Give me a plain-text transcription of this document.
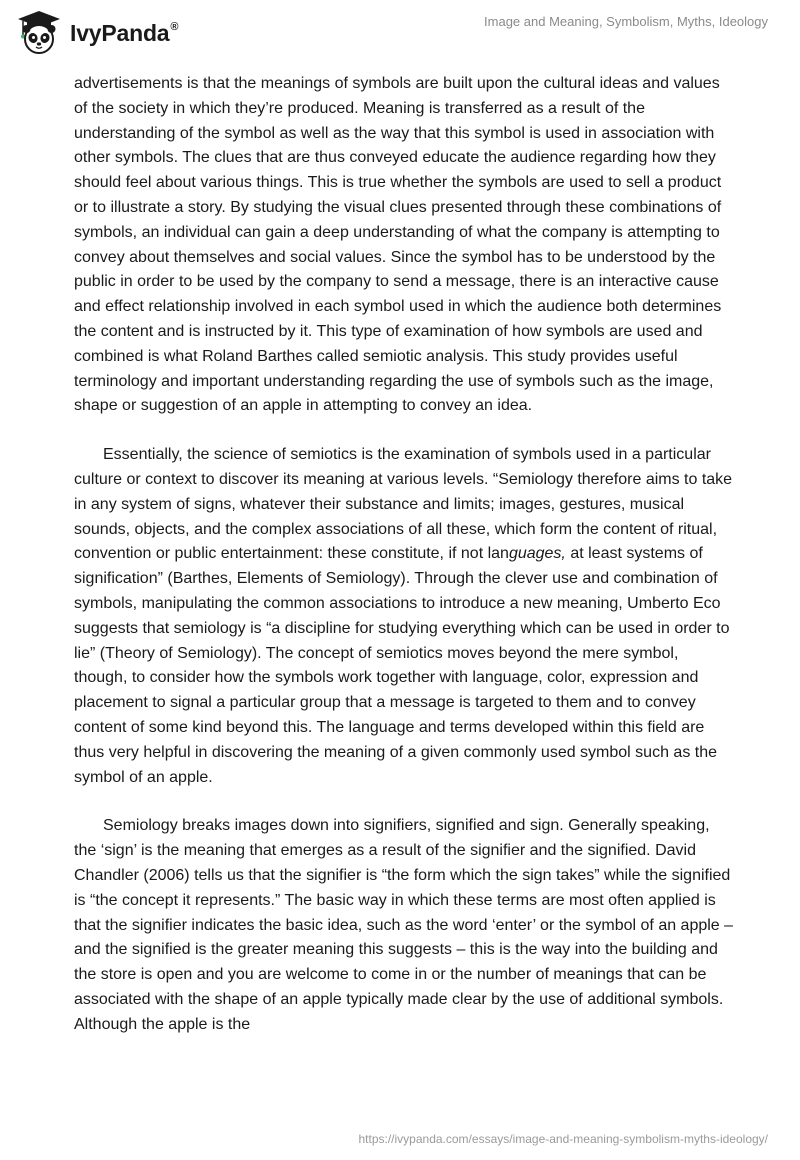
IvyPanda®	Image and Meaning, Symbolism, Myths, Ideology

advertisements is that the meanings of symbols are built upon the cultural ideas and values of the society in which they’re produced. Meaning is transferred as a result of the understanding of the symbol as well as the way that this symbol is used in association with other symbols. The clues that are thus conveyed educate the audience regarding how they should feel about various things. This is true whether the symbols are used to sell a product or to illustrate a story. By studying the visual clues presented through these combinations of symbols, an individual can gain a deep understanding of what the company is attempting to convey about themselves and social values. Since the symbol has to be understood by the public in order to be used by the company to send a message, there is an interactive cause and effect relationship involved in each symbol used in which the audience both determines the content and is instructed by it. This type of examination of how symbols are used and combined is what Roland Barthes called semiotic analysis. This study provides useful terminology and important understanding regarding the use of symbols such as the image, shape or suggestion of an apple in attempting to convey an idea.

Essentially, the science of semiotics is the examination of symbols used in a particular culture or context to discover its meaning at various levels. “Semiology therefore aims to take in any system of signs, whatever their substance and limits; images, gestures, musical sounds, objects, and the complex associations of all these, which form the content of ritual, convention or public entertainment: these constitute, if not languages, at least systems of signification” (Barthes, Elements of Semiology). Through the clever use and combination of symbols, manipulating the common associations to introduce a new meaning, Umberto Eco suggests that semiology is “a discipline for studying everything which can be used in order to lie” (Theory of Semiology). The concept of semiotics moves beyond the mere symbol, though, to consider how the symbols work together with language, color, expression and placement to signal a particular group that a message is targeted to them and to convey content of some kind beyond this. The language and terms developed within this field are thus very helpful in discovering the meaning of a given commonly used symbol such as the symbol of an apple.

Semiology breaks images down into signifiers, signified and sign. Generally speaking, the ‘sign’ is the meaning that emerges as a result of the signifier and the signified. David Chandler (2006) tells us that the signifier is “the form which the sign takes” while the signified is “the concept it represents.” The basic way in which these terms are most often applied is that the signifier indicates the basic idea, such as the word ‘enter’ or the symbol of an apple – and the signified is the greater meaning this suggests – this is the way into the building and the store is open and you are welcome to come in or the number of meanings that can be associated with the shape of an apple typically made clear by the use of additional symbols. Although the apple is the

https://ivypanda.com/essays/image-and-meaning-symbolism-myths-ideology/
